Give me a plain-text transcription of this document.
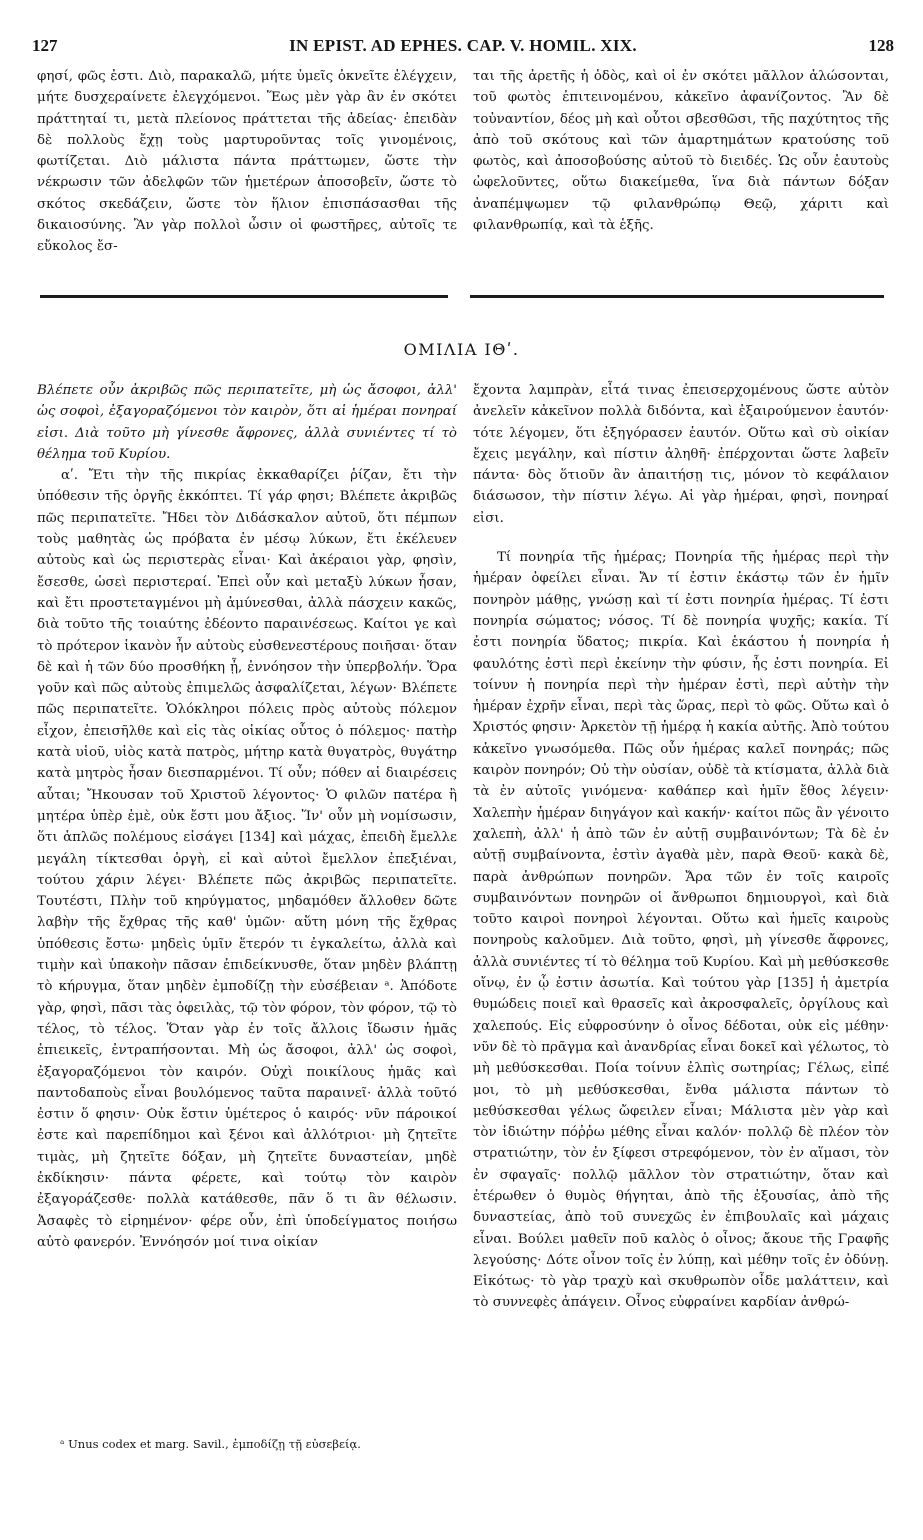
127	IN EPIST. AD EPHES. CAP. V. HOMIL. XIX.	128

φησί, φῶς ἐστι. Διὸ, παρακαλῶ, μήτε ὑμεῖς ὀκνεῖτε ἐλέγχειν, μήτε δυσχεραίνετε ἐλεγχόμενοι. Ἕως μὲν γὰρ ἂν ἐν σκότει πράττηταί τι, μετὰ πλείονος πράττεται τῆς ἀδείας· ἐπειδὰν δὲ πολλοὺς ἔχῃ τοὺς μαρτυροῦντας τοῖς γινομένοις, φωτίζεται. Διὸ μάλιστα πάντα πράττωμεν, ὥστε τὴν νέκρωσιν τῶν ἀδελφῶν τῶν ἡμετέρων ἀποσοβεῖν, ὥστε τὸ σκότος σκεδάζειν, ὥστε τὸν ἥλιον ἐπισπάσασθαι τῆς δικαιοσύνης. Ἂν γὰρ πολλοὶ ὦσιν οἱ φωστῆρες, αὐτοῖς τε εὔκολος ἔσ-

ται τῆς ἀρετῆς ἡ ὁδὸς, καὶ οἱ ἐν σκότει μᾶλλον ἁλώσονται, τοῦ φωτὸς ἐπιτεινομένου, κἀκεῖνο ἀφανίζοντος. Ἂν δὲ τοὐναντίον, δέος μὴ καὶ οὗτοι σβεσθῶσι, τῆς παχύτητος τῆς ἀπὸ τοῦ σκότους καὶ τῶν ἁμαρτημάτων κρατούσης τοῦ φωτὸς, καὶ ἀποσοβούσης αὐτοῦ τὸ διειδές. Ὡς οὖν ἑαυτοὺς ὠφελοῦντες, οὕτω διακείμεθα, ἵνα διὰ πάντων δόξαν ἀναπέμψωμεν τῷ φιλανθρώπῳ Θεῷ, χάριτι καὶ φιλανθρωπίᾳ, καὶ τὰ ἑξῆς.

ΟΜΙΛΙΑ ΙΘʹ.

Βλέπετε οὖν ἀκριβῶς πῶς περιπατεῖτε, μὴ ὡς ἄσοφοι, ἀλλ' ὡς σοφοὶ, ἐξαγοραζόμενοι τὸν καιρὸν, ὅτι αἱ ἡμέραι πονηραί εἰσι. Διὰ τοῦτο μὴ γίνεσθε ἄφρονες, ἀλλὰ συνιέντες τί τὸ θέλημα τοῦ Κυρίου.

αʹ. Ἔτι τὴν τῆς πικρίας ἐκκαθαρίζει ῥίζαν, ἔτι τὴν ὑπόθεσιν τῆς ὀργῆς ἐκκόπτει. Τί γάρ φησι; Βλέπετε ἀκριβῶς πῶς περιπατεῖτε. Ἤδει τὸν Διδάσκαλον αὐτοῦ, ὅτι πέμπων τοὺς μαθητὰς ὡς πρόβατα ἐν μέσῳ λύκων, ἔτι ἐκέλευεν αὐτοὺς καὶ ὡς περιστερὰς εἶναι· Καὶ ἀκέραιοι γὰρ, φησὶν, ἔσεσθε, ὡσεὶ περιστεραί. Ἐπεὶ οὖν καὶ μεταξὺ λύκων ἦσαν, καὶ ἔτι προστεταγμένοι μὴ ἀμύνεσθαι, ἀλλὰ πάσχειν κακῶς, διὰ τοῦτο τῆς τοιαύτης ἐδέοντο παραινέσεως. Καίτοι γε καὶ τὸ πρότερον ἱκανὸν ἦν αὐτοὺς εὐσθενεστέρους ποιῆσαι· ὅταν δὲ καὶ ἡ τῶν δύο προσθήκη ᾖ, ἐννόησον τὴν ὑπερβολήν. Ὅρα γοῦν καὶ πῶς αὐτοὺς ἐπιμελῶς ἀσφαλίζεται, λέγων· Βλέπετε πῶς περιπατεῖτε. Ὁλόκληροι πόλεις πρὸς αὐτοὺς πόλεμον εἶχον, ἐπεισῆλθε καὶ εἰς τὰς οἰκίας οὗτος ὁ πόλεμος· πατὴρ κατὰ υἱοῦ, υἱὸς κατὰ πατρὸς, μήτηρ κατὰ θυγατρὸς, θυγάτηρ κατὰ μητρὸς ἦσαν διεσπαρμένοι. Τί οὖν; πόθεν αἱ διαιρέσεις αὗται; Ἤκουσαν τοῦ Χριστοῦ λέγοντος· Ὁ φιλῶν πατέρα ἢ μητέρα ὑπὲρ ἐμὲ, οὐκ ἔστι μου ἄξιος. Ἵν' οὖν μὴ νομίσωσιν, ὅτι ἁπλῶς πολέμους εἰσάγει [134] καὶ μάχας, ἐπειδὴ ἔμελλε μεγάλη τίκτεσθαι ὀργὴ, εἰ καὶ αὐτοὶ ἔμελλον ἐπεξιέναι, τούτου χάριν λέγει· Βλέπετε πῶς ἀκριβῶς περιπατεῖτε. Τουτέστι, Πλὴν τοῦ κηρύγματος, μηδαμόθεν ἄλλοθεν δῶτε λαβὴν τῆς ἔχθρας τῆς καθ' ὑμῶν· αὕτη μόνη τῆς ἔχθρας ὑπόθεσις ἔστω· μηδεὶς ὑμῖν ἕτερόν τι ἐγκαλείτω, ἀλλὰ καὶ τιμὴν καὶ ὑπακοὴν πᾶσαν ἐπιδείκνυσθε, ὅταν μηδὲν βλάπτῃ τὸ κήρυγμα, ὅταν μηδὲν ἐμποδίζῃ τὴν εὐσέβειαν ᵃ. Ἀπόδοτε γὰρ, φησὶ, πᾶσι τὰς ὀφειλὰς, τῷ τὸν φόρον, τὸν φόρον, τῷ τὸ τέλος, τὸ τέλος. Ὅταν γὰρ ἐν τοῖς ἄλλοις ἴδωσιν ἡμᾶς ἐπιεικεῖς, ἐντραπήσονται. Μὴ ὡς ἄσοφοι, ἀλλ' ὡς σοφοὶ, ἐξαγοραζόμενοι τὸν καιρόν. Οὐχὶ ποικίλους ἡμᾶς καὶ παντοδαποὺς εἶναι βουλόμενος ταῦτα παραινεῖ· ἀλλὰ τοῦτό ἐστιν ὅ φησιν· Οὐκ ἔστιν ὑμέτερος ὁ καιρός· νῦν πάροικοί ἐστε καὶ παρεπίδημοι καὶ ξένοι καὶ ἀλλότριοι· μὴ ζητεῖτε τιμὰς, μὴ ζητεῖτε δόξαν, μὴ ζητεῖτε δυναστείαν, μηδὲ ἐκδίκησιν· πάντα φέρετε, καὶ τούτῳ τὸν καιρὸν ἐξαγοράζεσθε· πολλὰ κατάθεσθε, πᾶν ὅ τι ἂν θέλωσιν. Ἀσαφὲς τὸ εἰρημένον· φέρε οὖν, ἐπὶ ὑποδείγματος ποιήσω αὐτὸ φανερόν. Ἐννόησόν μοί τινα οἰκίαν

ἔχοντα λαμπρὰν, εἶτά τινας ἐπεισερχομένους ὥστε αὐτὸν ἀνελεῖν κἀκεῖνον πολλὰ διδόντα, καὶ ἐξαιρούμενον ἑαυτόν· τότε λέγομεν, ὅτι ἐξηγόρασεν ἑαυτόν. Οὕτω καὶ σὺ οἰκίαν ἔχεις μεγάλην, καὶ πίστιν ἀληθῆ· ἐπέρχονται ὥστε λαβεῖν πάντα· δὸς ὅτιοῦν ἂν ἀπαιτήσῃ τις, μόνον τὸ κεφάλαιον διάσωσον, τὴν πίστιν λέγω. Αἱ γὰρ ἡμέραι, φησὶ, πονηραί εἰσι.

Τί πονηρία τῆς ἡμέρας; Πονηρία τῆς ἡμέρας περὶ τὴν ἡμέραν ὀφείλει εἶναι. Ἄν τί ἐστιν ἑκάστῳ τῶν ἐν ἡμῖν πονηρὸν μάθῃς, γνώσῃ καὶ τί ἐστι πονηρία ἡμέρας. Τί ἐστι πονηρία σώματος; νόσος. Τί δὲ πονηρία ψυχῆς; κακία. Τί ἐστι πονηρία ὕδατος; πικρία. Καὶ ἑκάστου ἡ πονηρία ἡ φαυλότης ἐστὶ περὶ ἐκείνην τὴν φύσιν, ἧς ἐστι πονηρία. Εἰ τοίνυν ἡ πονηρία περὶ τὴν ἡμέραν ἐστὶ, περὶ αὐτὴν τὴν ἡμέραν ἐχρῆν εἶναι, περὶ τὰς ὥρας, περὶ τὸ φῶς. Οὕτω καὶ ὁ Χριστός φησιν· Ἀρκετὸν τῇ ἡμέρᾳ ἡ κακία αὐτῆς. Ἀπὸ τούτου κἀκεῖνο γνωσόμεθα. Πῶς οὖν ἡμέρας καλεῖ πονηράς; πῶς καιρὸν πονηρόν; Οὐ τὴν οὐσίαν, οὐδὲ τὰ κτίσματα, ἀλλὰ διὰ τὰ ἐν αὐτοῖς γινόμενα· καθάπερ καὶ ἡμῖν ἔθος λέγειν· Χαλεπὴν ἡμέραν διηγάγον καὶ κακήν· καίτοι πῶς ἂν γένοιτο χαλεπὴ, ἀλλ' ἡ ἀπὸ τῶν ἐν αὐτῇ συμβαινόντων; Τὰ δὲ ἐν αὐτῇ συμβαίνοντα, ἐστὶν ἀγαθὰ μὲν, παρὰ Θεοῦ· κακὰ δὲ, παρὰ ἀνθρώπων πονηρῶν. Ἄρα τῶν ἐν τοῖς καιροῖς συμβαινόντων πονηρῶν οἱ ἄνθρωποι δημιουργοὶ, καὶ διὰ τοῦτο καιροὶ πονηροὶ λέγονται. Οὕτω καὶ ἡμεῖς καιροὺς πονηροὺς καλοῦμεν. Διὰ τοῦτο, φησὶ, μὴ γίνεσθε ἄφρονες, ἀλλὰ συνιέντες τί τὸ θέλημα τοῦ Κυρίου. Καὶ μὴ μεθύσκεσθε οἴνῳ, ἐν ᾧ ἐστιν ἀσωτία. Καὶ τούτου γὰρ [135] ἡ ἀμετρία θυμώδεις ποιεῖ καὶ θρασεῖς καὶ ἀκροσφαλεῖς, ὀργίλους καὶ χαλεπούς. Εἰς εὐφροσύνην ὁ οἶνος δέδοται, οὐκ εἰς μέθην· νῦν δὲ τὸ πρᾶγμα καὶ ἀνανδρίας εἶναι δοκεῖ καὶ γέλωτος, τὸ μὴ μεθύσκεσθαι. Ποία τοίνυν ἐλπὶς σωτηρίας; Γέλως, εἰπέ μοι, τὸ μὴ μεθύσκεσθαι, ἔνθα μάλιστα πάντων τὸ μεθύσκεσθαι γέλως ὤφειλεν εἶναι; Μάλιστα μὲν γὰρ καὶ τὸν ἰδιώτην πόῤῥω μέθης εἶναι καλόν· πολλῷ δὲ πλέον τὸν στρατιώτην, τὸν ἐν ξίφεσι στρεφόμενον, τὸν ἐν αἵμασι, τὸν ἐν σφαγαῖς· πολλῷ μᾶλλον τὸν στρατιώτην, ὅταν καὶ ἑτέρωθεν ὁ θυμὸς θήγηται, ἀπὸ τῆς ἐξουσίας, ἀπὸ τῆς δυναστείας, ἀπὸ τοῦ συνεχῶς ἐν ἐπιβουλαῖς καὶ μάχαις εἶναι. Βούλει μαθεῖν ποῦ καλὸς ὁ οἶνος; ἄκουε τῆς Γραφῆς λεγούσης· Δότε οἶνον τοῖς ἐν λύπῃ, καὶ μέθην τοῖς ἐν ὀδύνῃ. Εἰκότως· τὸ γὰρ τραχὺ καὶ σκυθρωπὸν οἶδε μαλάττειν, καὶ τὸ συννεφὲς ἀπάγειν. Οἶνος εὐφραίνει καρδίαν ἀνθρώ-

ᵃ Unus codex et marg. Savil., ἐμποδίζῃ τῇ εὐσεβείᾳ.
